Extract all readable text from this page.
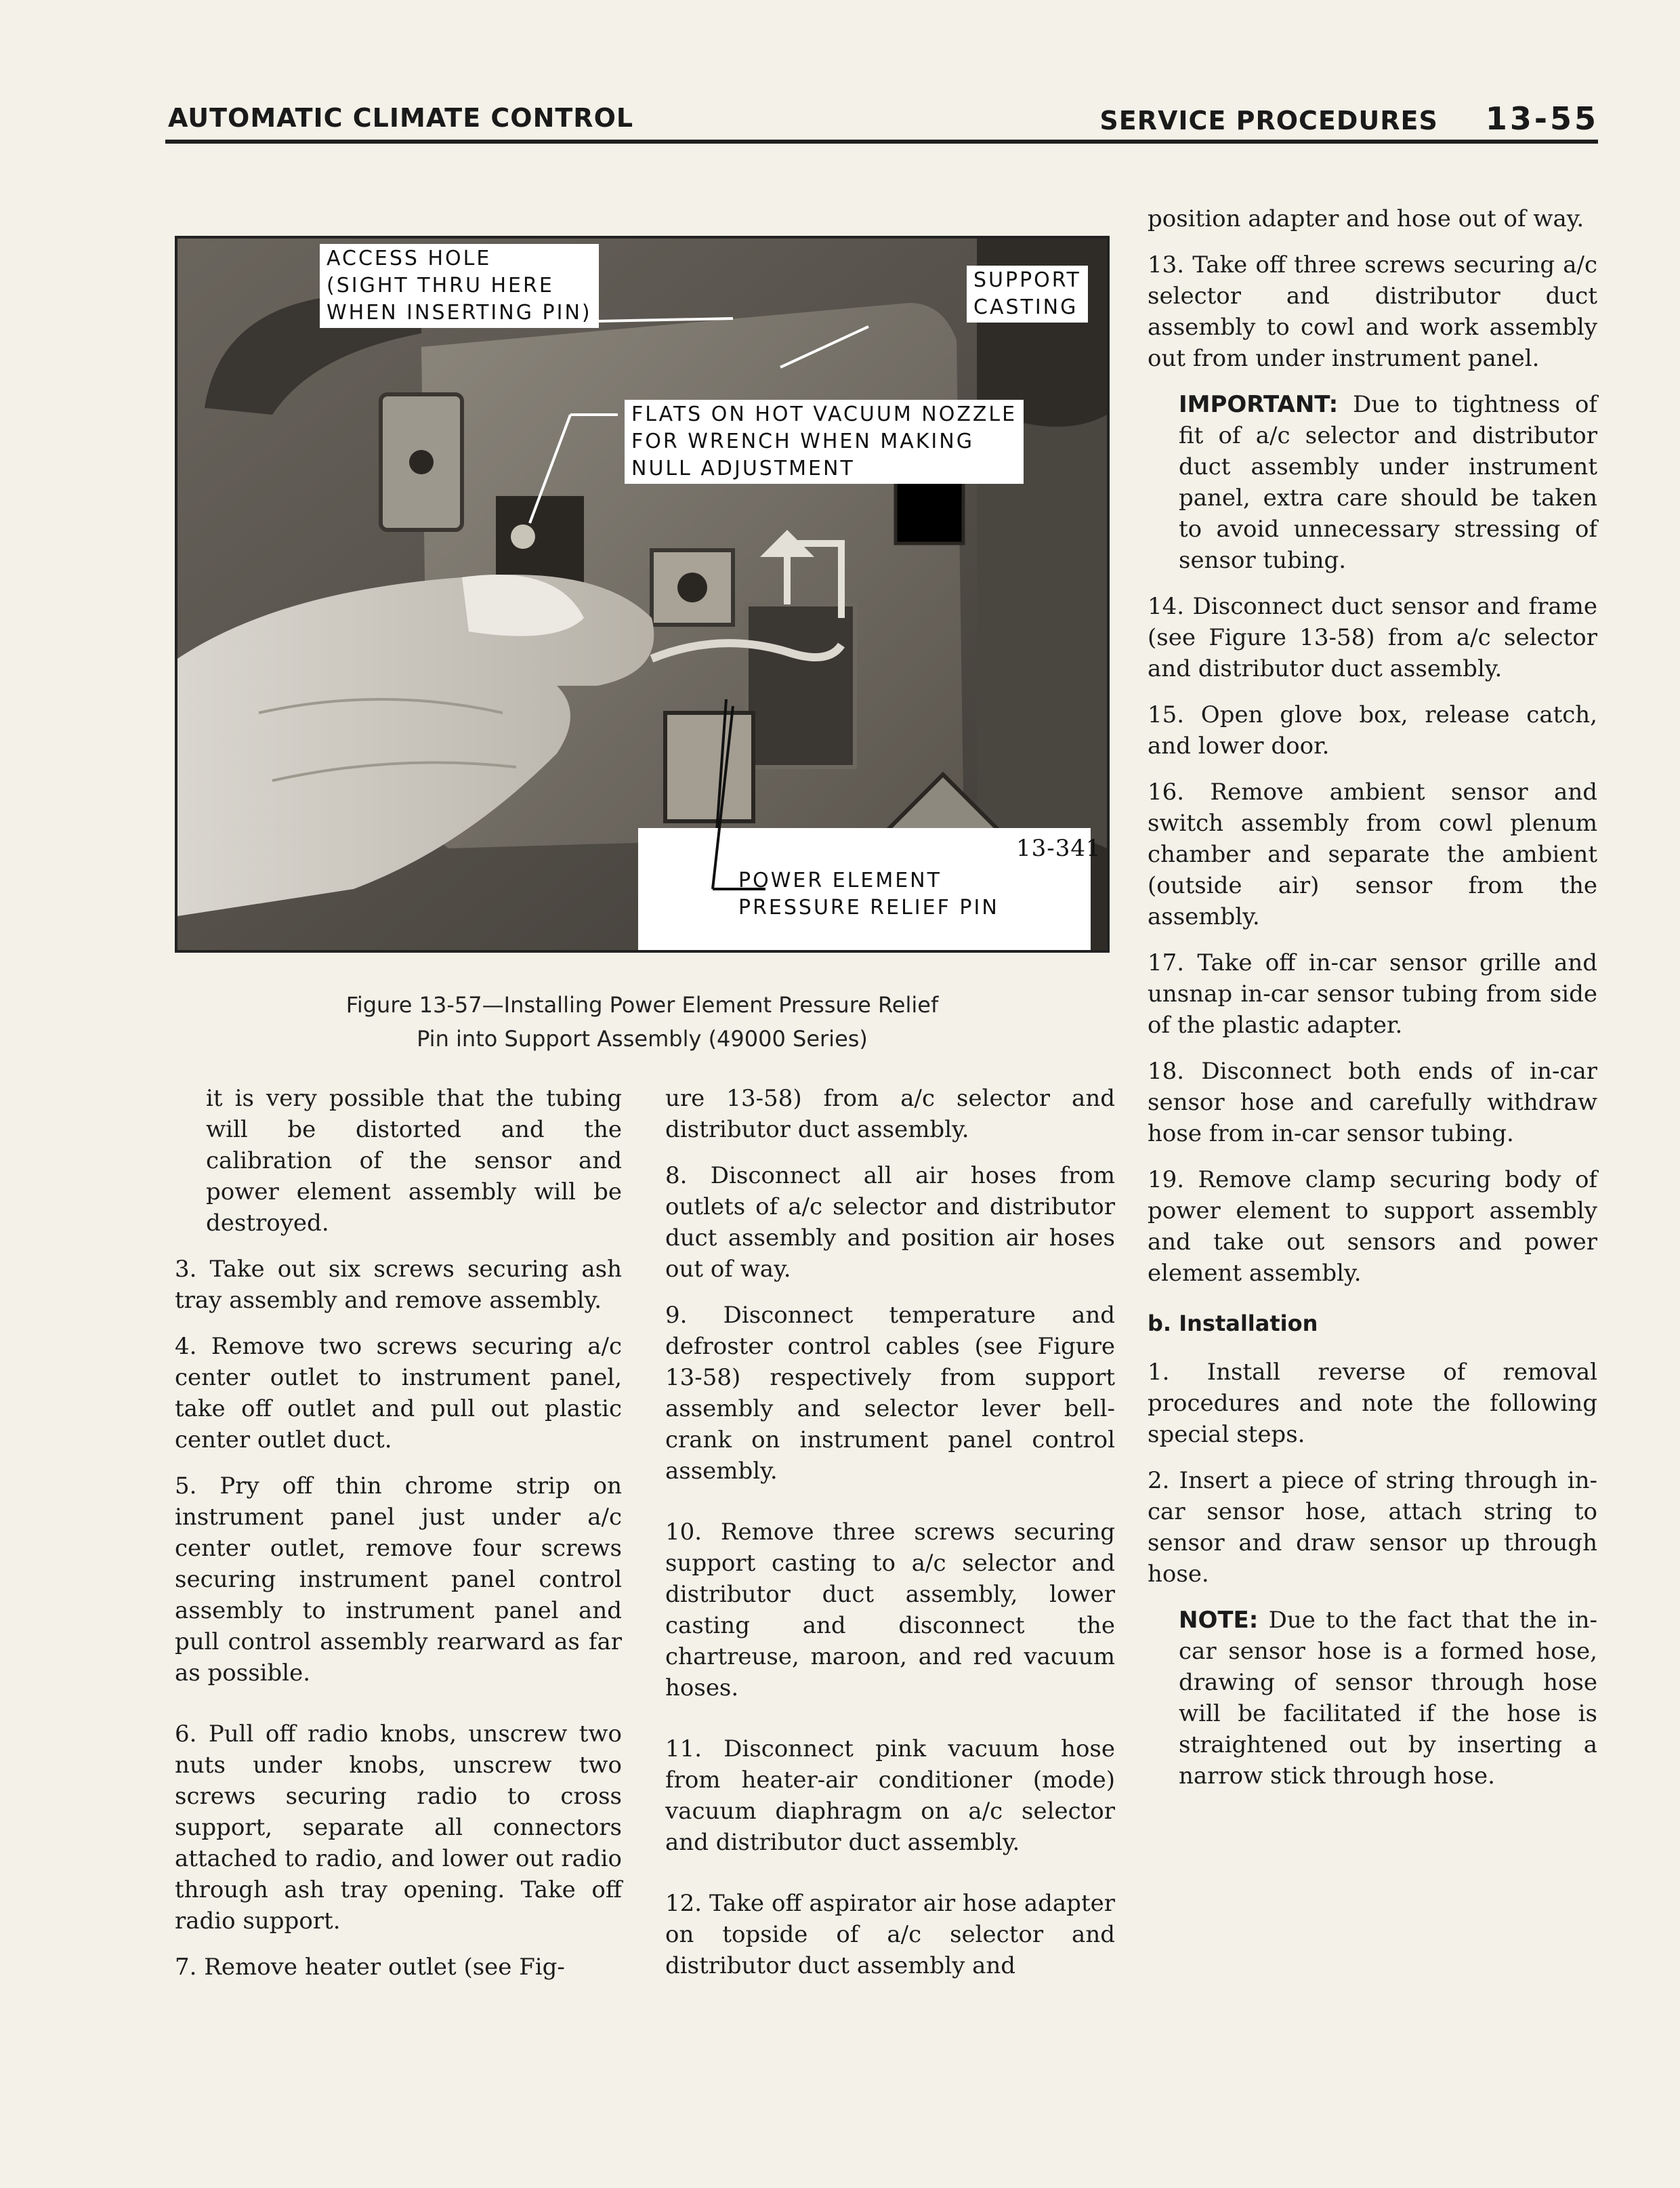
AUTOMATIC CLIMATE CONTROL	SERVICE PROCEDURES 13-55
ACCESS HOLE
(SIGHT THRU HERE
WHEN INSERTING PIN)
SUPPORT
CASTING
FLATS ON HOT VACUUM NOZZLE
FOR WRENCH WHEN MAKING
NULL ADJUSTMENT
POWER ELEMENT
PRESSURE RELIEF PIN
13-341
Figure 13-57—Installing Power Element Pressure Relief
Pin into Support Assembly (49000 Series)

it is very possible that the tubing will be distorted and the calibration of the sensor and power element assembly will be destroyed.

3. Take out six screws securing ash tray assembly and remove assembly.

4. Remove two screws securing a/c center outlet to instrument panel, take off outlet and pull out plastic center outlet duct.

5. Pry off thin chrome strip on instrument panel just under a/c center outlet, remove four screws securing instrument panel control assembly to instrument panel and pull control assembly rearward as far as possible.

6. Pull off radio knobs, unscrew two nuts under knobs, unscrew two screws securing radio to cross support, separate all connectors attached to radio, and lower out radio through ash tray opening. Take off radio support.

7. Remove heater outlet (see Fig-

ure 13-58) from a/c selector and distributor duct assembly.

8. Disconnect all air hoses from outlets of a/c selector and distributor duct assembly and position air hoses out of way.

9. Disconnect temperature and defroster control cables (see Figure 13-58) respectively from support assembly and selector lever bell-crank on instrument panel control assembly.

10. Remove three screws securing support casting to a/c selector and distributor duct assembly, lower casting and disconnect the chartreuse, maroon, and red vacuum hoses.

11. Disconnect pink vacuum hose from heater-air conditioner (mode) vacuum diaphragm on a/c selector and distributor duct assembly.

12. Take off aspirator air hose adapter on topside of a/c selector and distributor duct assembly and

position adapter and hose out of way.

13. Take off three screws securing a/c selector and distributor duct assembly to cowl and work assembly out from under instrument panel.

IMPORTANT: Due to tightness of fit of a/c selector and distributor duct assembly under instrument panel, extra care should be taken to avoid unnecessary stressing of sensor tubing.

14. Disconnect duct sensor and frame (see Figure 13-58) from a/c selector and distributor duct assembly.

15. Open glove box, release catch, and lower door.

16. Remove ambient sensor and switch assembly from cowl plenum chamber and separate the ambient (outside air) sensor from the assembly.

17. Take off in-car sensor grille and unsnap in-car sensor tubing from side of the plastic adapter.

18. Disconnect both ends of in-car sensor hose and carefully withdraw hose from in-car sensor tubing.

19. Remove clamp securing body of power element to support assembly and take out sensors and power element assembly.

b. Installation

1. Install reverse of removal procedures and note the following special steps.

2. Insert a piece of string through in-car sensor hose, attach string to sensor and draw sensor up through hose.

NOTE: Due to the fact that the in-car sensor hose is a formed hose, drawing of sensor through hose will be facilitated if the hose is straightened out by inserting a narrow stick through hose.
